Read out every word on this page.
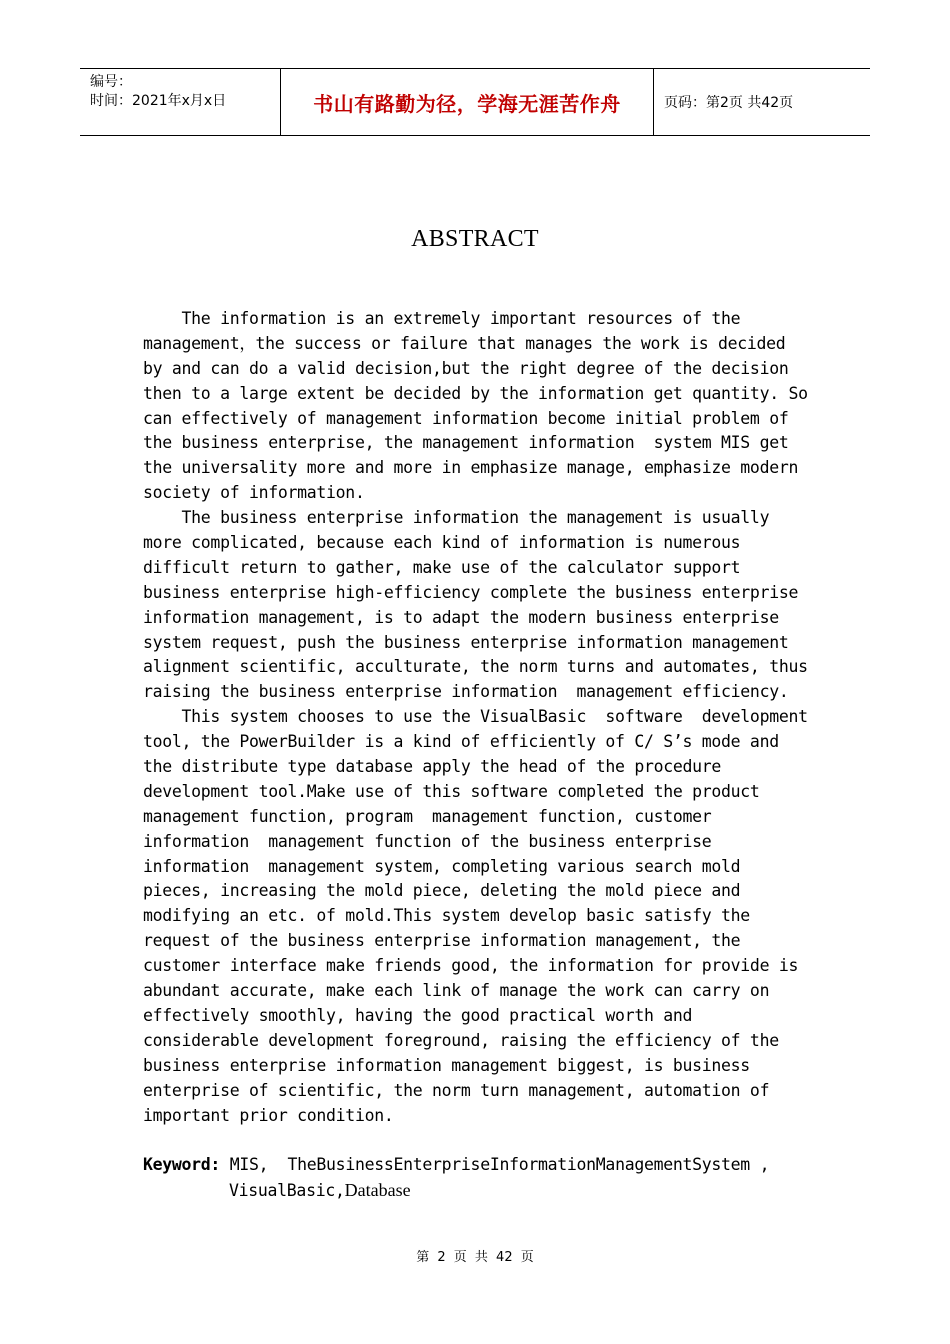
编号：
时间：2021年x月x日	书山有路勤为径，学海无涯苦作舟	页码：第2页 共42页
ABSTRACT
The information is an extremely important resources of the
management，the success or failure that manages the work is decided
by and can do a valid decision,but the right degree of the decision
then to a large extent be decided by the information get quantity. So
can effectively of management information become initial problem of
the business enterprise, the management information  system MIS get
the universality more and more in emphasize manage, emphasize modern
society of information.
The business enterprise information the management is usually
more complicated, because each kind of information is numerous
difficult return to gather, make use of the calculator support
business enterprise high-efficiency complete the business enterprise
information management, is to adapt the modern business enterprise
system request, push the business enterprise information management
alignment scientific, acculturate, the norm turns and automates, thus
raising the business enterprise information  management efficiency.
This system chooses to use the VisualBasic  software  development
tool, the PowerBuilder is a kind of efficiently of C/ S’s mode and
the distribute type database apply the head of the procedure
development tool.Make use of this software completed the product
management function, program  management function, customer
information  management function of the business enterprise
information  management system, completing various search mold
pieces, increasing the mold piece, deleting the mold piece and
modifying an etc. of mold.This system develop basic satisfy the
request of the business enterprise information management, the
customer interface make friends good, the information for provide is
abundant accurate, make each link of manage the work can carry on
effectively smoothly, having the good practical worth and
considerable development foreground, raising the efficiency of the
business enterprise information management biggest, is business
enterprise of scientific, the norm turn management, automation of
important prior condition.
Keyword: MIS,  TheBusinessEnterpriseInformationManagementSystem ,
VisualBasic,Database
第 2 页 共 42 页
